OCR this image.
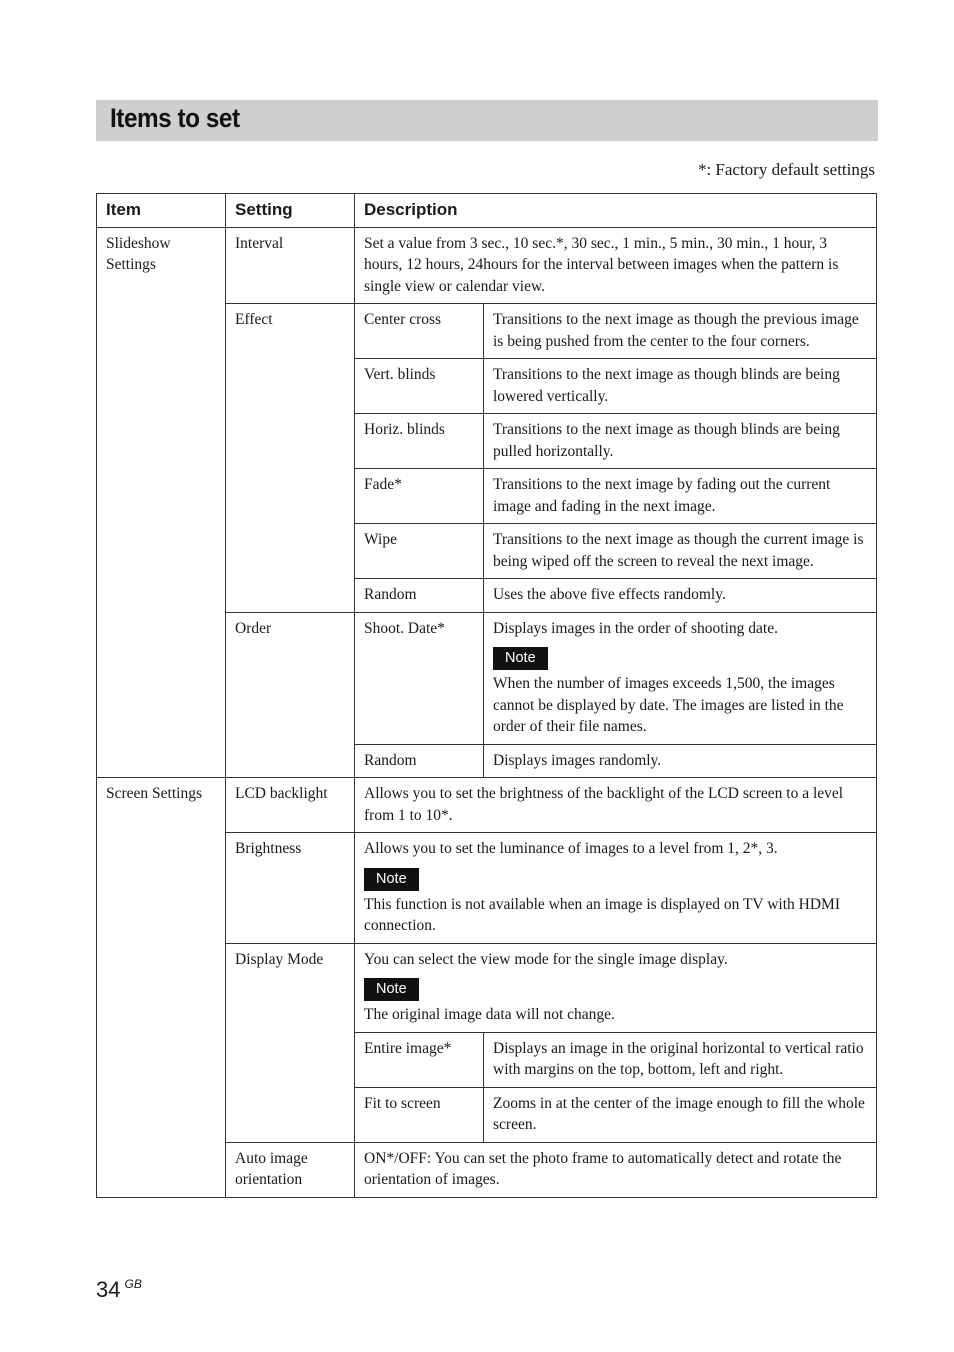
Items to set
*: Factory default settings
Item	Setting	Description	
Slideshow Settings	Interval	Set a value from 3 sec., 10 sec.*, 30 sec., 1 min., 5 min., 30 min., 1 hour, 3 hours, 12 hours, 24hours for the interval between images when the pattern is single view or calendar view.	
	Effect	Center cross	Transitions to the next image as though the previous image is being pushed from the center to the four corners.
		Vert. blinds	Transitions to the next image as though blinds are being lowered vertically.
		Horiz. blinds	Transitions to the next image as though blinds are being pulled horizontally.
		Fade*	Transitions to the next image by fading out the current image and fading in the next image.
		Wipe	Transitions to the next image as though the current image is being wiped off the screen to reveal the next image.
		Random	Uses the above five effects randomly.
	Order	Shoot. Date*	Displays images in the order of shooting date.
Note
When the number of images exceeds 1,500, the images cannot be displayed by date. The images are listed in the order of their file names.

		Random	Displays images randomly.
Screen Settings	LCD backlight	Allows you to set the brightness of the backlight of the LCD screen to a level from 1 to 10*.	
	Brightness	Allows you to set the luminance of images to a level from 1, 2*, 3.
Note
This function is not available when an image is displayed on TV with HDMI connection.	

	Display Mode	You can select the view mode for the single image display.
Note
The original image data will not change.	

		Entire image*	Displays an image in the original horizontal to vertical ratio with margins on the top, bottom, left and right.
		Fit to screen	Zooms in at the center of the image enough to fill the whole screen.
	Auto image orientation	ON*/OFF: You can set the photo frame to automatically detect and rotate the orientation of images.	
34 $^{GB}$
